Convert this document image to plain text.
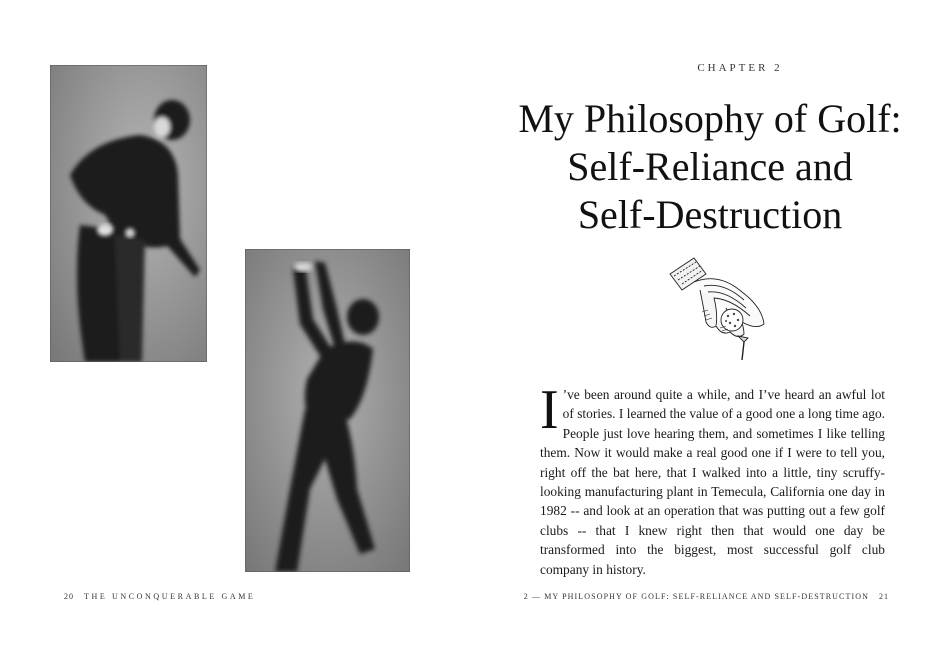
20 THE UNCONQUERABLE GAME
CHAPTER 2
My Philosophy of Golf:
Self-Reliance and
Self-Destruction

I ’ve been around quite a while, and I’ve heard an awful lot of stories. I learned the value of a good one a long time ago. People just love hearing them, and sometimes I like telling them. Now it would make a real good one if I were to tell you, right off the bat here, that I walked into a little, tiny scruffy-looking manufacturing plant in Temecula, California one day in 1982 -- and look at an operation that was putting out a few golf clubs -- that I knew right then that would one day be transformed into the biggest, most successful golf club company in history.

2 — MY PHILOSOPHY OF GOLF: SELF-RELIANCE AND SELF-DESTRUCTION 21
